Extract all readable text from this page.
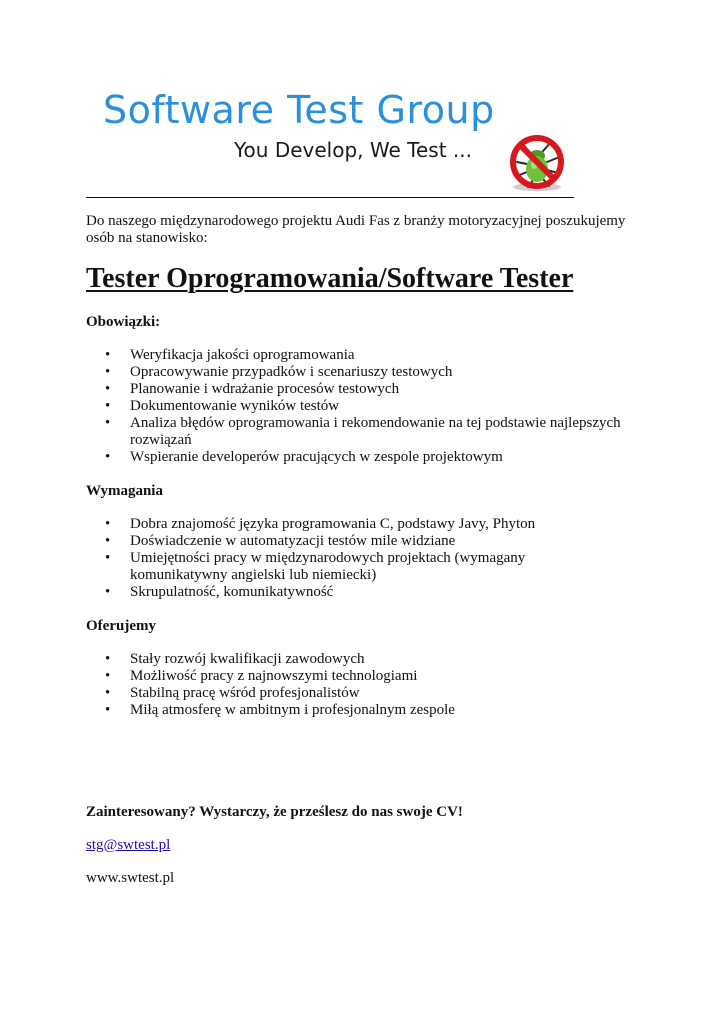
Software Test Group
You Develop, We Test ...

Do naszego międzynarodowego projektu Audi Fas z branży motoryzacyjnej poszukujemy osób na stanowisko:

Tester Oprogramowania/Software Tester

Obowiązki:

• Weryfikacja jakości oprogramowania
• Opracowywanie przypadków i scenariuszy testowych
• Planowanie i wdrażanie procesów testowych
• Dokumentowanie wyników testów
• Analiza błędów oprogramowania i rekomendowanie na tej podstawie najlepszych rozwiązań
• Wspieranie developerów pracujących w zespole projektowym

Wymagania

• Dobra znajomość języka programowania C, podstawy Javy, Phyton
• Doświadczenie w automatyzacji testów mile widziane
• Umiejętności pracy w międzynarodowych projektach (wymagany komunikatywny angielski lub niemiecki)
• Skrupulatność, komunikatywność

Oferujemy

• Stały rozwój kwalifikacji zawodowych
• Możliwość pracy z najnowszymi technologiami
• Stabilną pracę wśród profesjonalistów
• Miłą atmosferę w ambitnym i profesjonalnym zespole

Zainteresowany? Wystarczy, że prześlesz do nas swoje CV!

stg@swtest.pl

www.swtest.pl
